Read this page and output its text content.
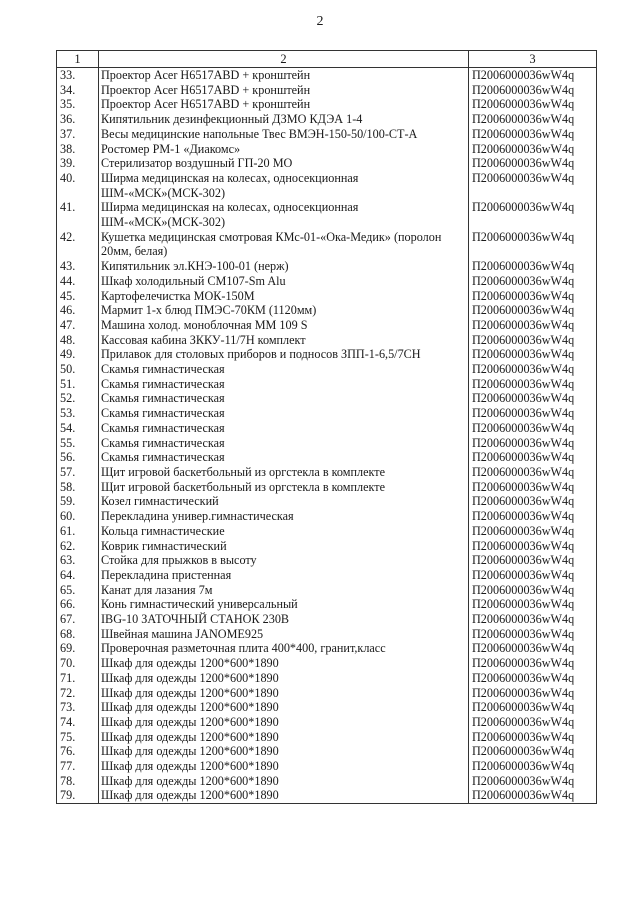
2
1	2	3
33.	Проектор Acer H6517ABD + кронштейн	П2006000036wW4q
34.	Проектор Acer H6517ABD + кронштейн	П2006000036wW4q
35.	Проектор Acer H6517ABD + кронштейн	П2006000036wW4q
36.	Кипятильник дезинфекционный ДЗМО КДЭА 1-4	П2006000036wW4q
37.	Весы медицинские напольные Твес ВМЭН-150-50/100-СТ-А	П2006000036wW4q
38.	Ростомер РМ-1 «Диакомс»	П2006000036wW4q
39.	Стерилизатор воздушный ГП-20 МО	П2006000036wW4q
40.	Ширма медицинская на колесах, односекционная ШМ-«МСК»(МСК-302)	П2006000036wW4q
41.	Ширма медицинская на колесах, односекционная ШМ-«МСК»(МСК-302)	П2006000036wW4q
42.	Кушетка медицинская смотровая КМс-01-«Ока-Медик» (поролон 20мм, белая)	П2006000036wW4q
43.	Кипятильник эл.КНЭ-100-01 (нерж)	П2006000036wW4q
44.	Шкаф холодильный СМ107-Sm Alu	П2006000036wW4q
45.	Картофелечистка МОК-150М	П2006000036wW4q
46.	Мармит 1-х блюд ПМЭС-70КМ (1120мм)	П2006000036wW4q
47.	Машина холод. моноблочная ММ 109 S	П2006000036wW4q
48.	Кассовая кабина ЗККУ-11/7Н комплект	П2006000036wW4q
49.	Прилавок для столовых приборов и подносов ЗПП-1-6,5/7СН	П2006000036wW4q
50.	Скамья гимнастическая	П2006000036wW4q
51.	Скамья гимнастическая	П2006000036wW4q
52.	Скамья гимнастическая	П2006000036wW4q
53.	Скамья гимнастическая	П2006000036wW4q
54.	Скамья гимнастическая	П2006000036wW4q
55.	Скамья гимнастическая	П2006000036wW4q
56.	Скамья гимнастическая	П2006000036wW4q
57.	Щит игровой баскетбольный из оргстекла в комплекте	П2006000036wW4q
58.	Щит игровой баскетбольный из оргстекла в комплекте	П2006000036wW4q
59.	Козел гимнастический	П2006000036wW4q
60.	Перекладина универ.гимнастическая	П2006000036wW4q
61.	Кольца гимнастические	П2006000036wW4q
62.	Коврик гимнастический	П2006000036wW4q
63.	Стойка для прыжков в высоту	П2006000036wW4q
64.	Перекладина пристенная	П2006000036wW4q
65.	Канат для лазания 7м	П2006000036wW4q
66.	Конь гимнастический универсальный	П2006000036wW4q
67.	IBG-10 ЗАТОЧНЫЙ СТАНОК 230В	П2006000036wW4q
68.	Швейная машина JANOME925	П2006000036wW4q
69.	Проверочная разметочная плита 400*400, гранит,класс	П2006000036wW4q
70.	Шкаф для одежды 1200*600*1890	П2006000036wW4q
71.	Шкаф для одежды 1200*600*1890	П2006000036wW4q
72.	Шкаф для одежды 1200*600*1890	П2006000036wW4q
73.	Шкаф для одежды 1200*600*1890	П2006000036wW4q
74.	Шкаф для одежды 1200*600*1890	П2006000036wW4q
75.	Шкаф для одежды 1200*600*1890	П2006000036wW4q
76.	Шкаф для одежды 1200*600*1890	П2006000036wW4q
77.	Шкаф для одежды 1200*600*1890	П2006000036wW4q
78.	Шкаф для одежды 1200*600*1890	П2006000036wW4q
79.	Шкаф для одежды 1200*600*1890	П2006000036wW4q
